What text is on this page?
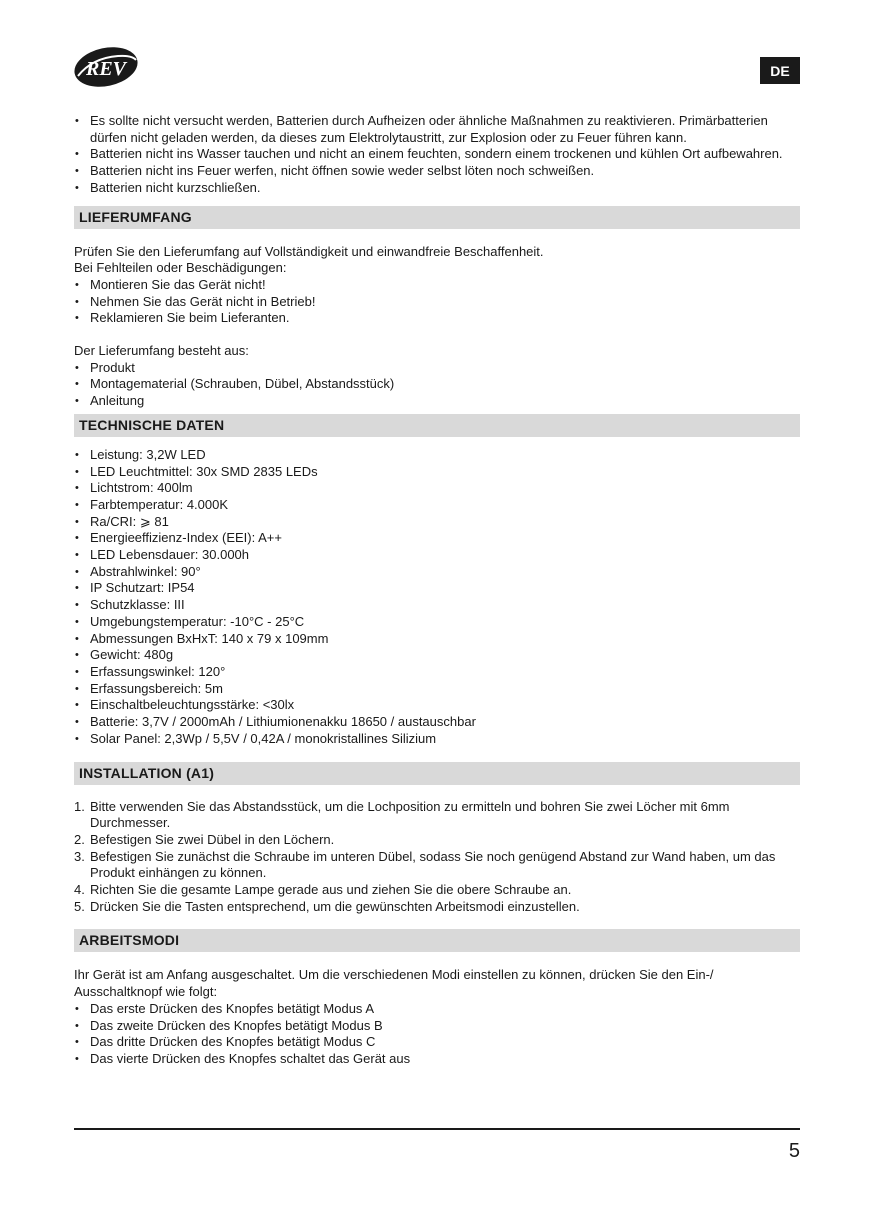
REV	DE
• Es sollte nicht versucht werden, Batterien durch Aufheizen oder ähnliche Maßnahmen zu reaktivieren. Primärbatterien dürfen nicht geladen werden, da dieses zum Elektrolytaustritt, zur Explosion oder zu Feuer führen kann.
• Batterien nicht ins Wasser tauchen und nicht an einem feuchten, sondern einem trockenen und kühlen Ort aufbewahren.
• Batterien nicht ins Feuer werfen, nicht öffnen sowie weder selbst löten noch schweißen.
• Batterien nicht kurzschließen.
LIEFERUMFANG

Prüfen Sie den Lieferumfang auf Vollständigkeit und einwandfreie Beschaffenheit.

Bei Fehlteilen oder Beschädigungen:

• Montieren Sie das Gerät nicht!
• Nehmen Sie das Gerät nicht in Betrieb!
• Reklamieren Sie beim Lieferanten.

Der Lieferumfang besteht aus:

• Produkt
• Montagematerial (Schrauben, Dübel, Abstandsstück)
• Anleitung
TECHNISCHE DATEN
• Leistung: 3,2W LED
• LED Leuchtmittel: 30x SMD 2835 LEDs
• Lichtstrom: 400lm
• Farbtemperatur: 4.000K
• Ra/CRI: ⩾ 81
• Energieeffizienz-Index (EEI): A++
• LED Lebensdauer: 30.000h
• Abstrahlwinkel: 90°
• IP Schutzart: IP54
• Schutzklasse: III
• Umgebungstemperatur: -10°C - 25°C
• Abmessungen BxHxT: 140 x 79 x 109mm
• Gewicht: 480g
• Erfassungswinkel: 120°
• Erfassungsbereich: 5m
• Einschaltbeleuchtungsstärke: <30lx
• Batterie: 3,7V / 2000mAh / Lithiumionenakku 18650 / austauschbar
• Solar Panel: 2,3Wp / 5,5V / 0,42A / monokristallines Silizium
INSTALLATION (A1)
1. Bitte verwenden Sie das Abstandsstück, um die Lochposition zu ermitteln und bohren Sie zwei Löcher mit 6mm Durchmesser.
2. Befestigen Sie zwei Dübel in den Löchern.
3. Befestigen Sie zunächst die Schraube im unteren Dübel, sodass Sie noch genügend Abstand zur Wand haben, um das Produkt einhängen zu können.
4. Richten Sie die gesamte Lampe gerade aus und ziehen Sie die obere Schraube an.
5. Drücken Sie die Tasten entsprechend, um die gewünschten Arbeitsmodi einzustellen.
ARBEITSMODI

Ihr Gerät ist am Anfang ausgeschaltet. Um die verschiedenen Modi einstellen zu können, drücken Sie den Ein-/ Ausschaltknopf wie folgt:

• Das erste Drücken des Knopfes betätigt Modus A
• Das zweite Drücken des Knopfes betätigt Modus B
• Das dritte Drücken des Knopfes betätigt Modus C
• Das vierte Drücken des Knopfes schaltet das Gerät aus
5
